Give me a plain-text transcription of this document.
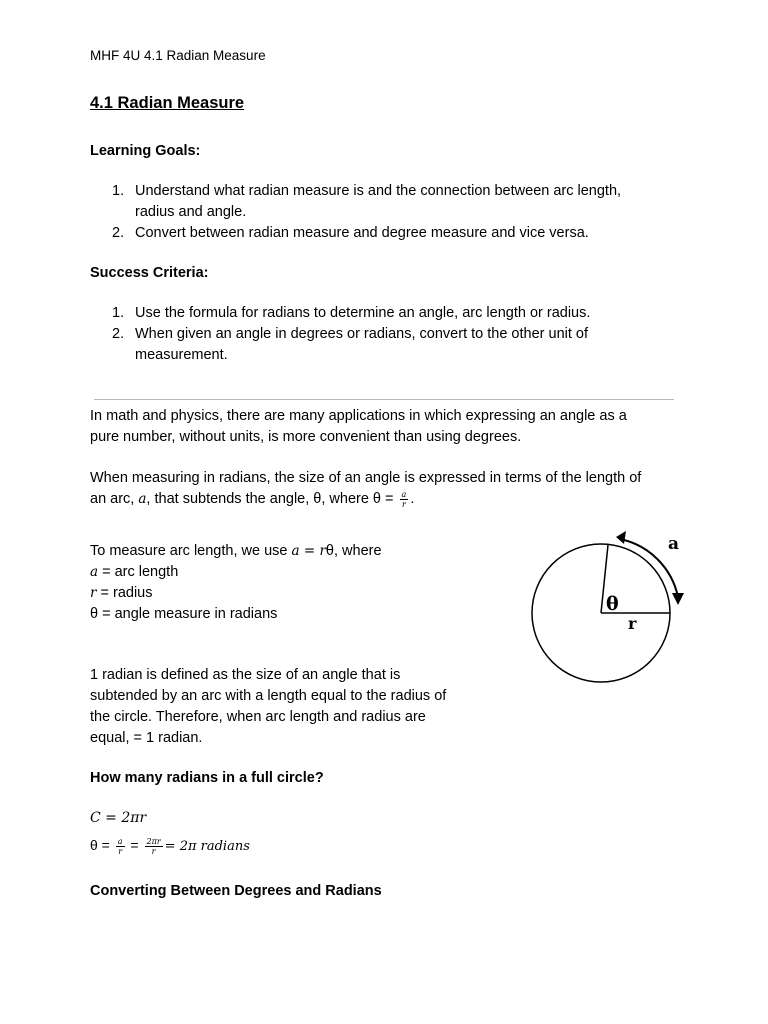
MHF 4U 4.1 Radian Measure
4.1 Radian Measure
Learning Goals:
1. Understand what radian measure is and the connection between arc length,
radius and angle.
2. Convert between radian measure and degree measure and vice versa.
Success Criteria:
1. Use the formula for radians to determine an angle, arc length or radius.
2. When given an angle in degrees or radians, convert to the other unit of
measurement.
In math and physics, there are many applications in which expressing an angle as a
pure number, without units, is more convenient than using degrees.
When measuring in radians, the size of an angle is expressed in terms of the length of
an arc, a, that subtends the angle, θ, where $\theta = \frac{a}{r}$ .
To measure arc length, we use a = rθ, where
a = arc length
r = radius
θ = angle measure in radians
1 radian is defined as the size of an angle that is
subtended by an arc with a length equal to the radius of
the circle. Therefore, when arc length and radius are
equal, = 1 radian.
How many radians in a full circle?
C = 2πr
$\theta = \frac{a}{r} = \frac{2\pi r}{r} = 2\pi$ radians
Converting Between Degrees and Radians
a
θ
r
